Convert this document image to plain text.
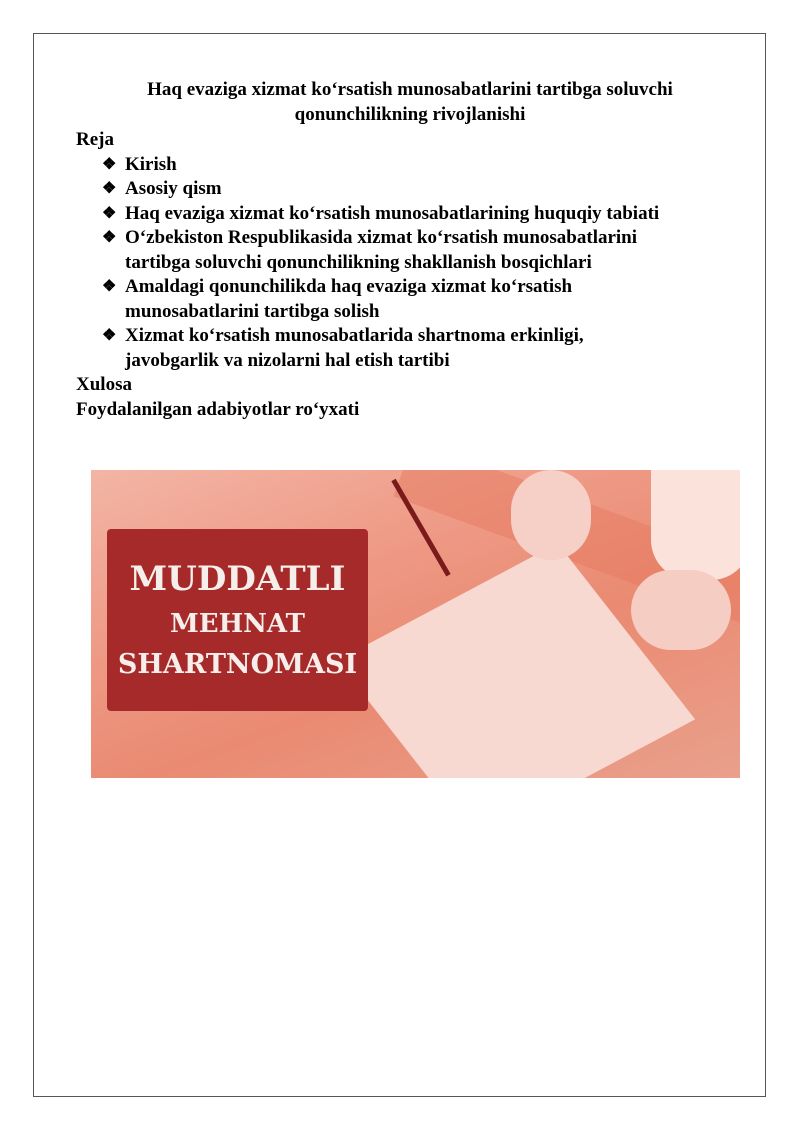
Haq evaziga xizmat ko‘rsatish munosabatlarini tartibga soluvchi
qonunchilikning rivojlanishi
Reja
❖ Kirish
❖ Asosiy qism
❖ Haq evaziga xizmat ko‘rsatish munosabatlarining huquqiy tabiati
❖ O‘zbekiston Respublikasida xizmat ko‘rsatish munosabatlarini
tartibga soluvchi qonunchilikning shakllanish bosqichlari
❖ Amaldagi qonunchilikda haq evaziga xizmat ko‘rsatish
munosabatlarini tartibga solish
❖ Xizmat ko‘rsatish munosabatlarida shartnoma erkinligi,
javobgarlik va nizolarni hal etish tartibi
Xulosa
Foydalanilgan adabiyotlar ro‘yxati
MUDDATLI
MEHNAT
SHARTNOMASI
